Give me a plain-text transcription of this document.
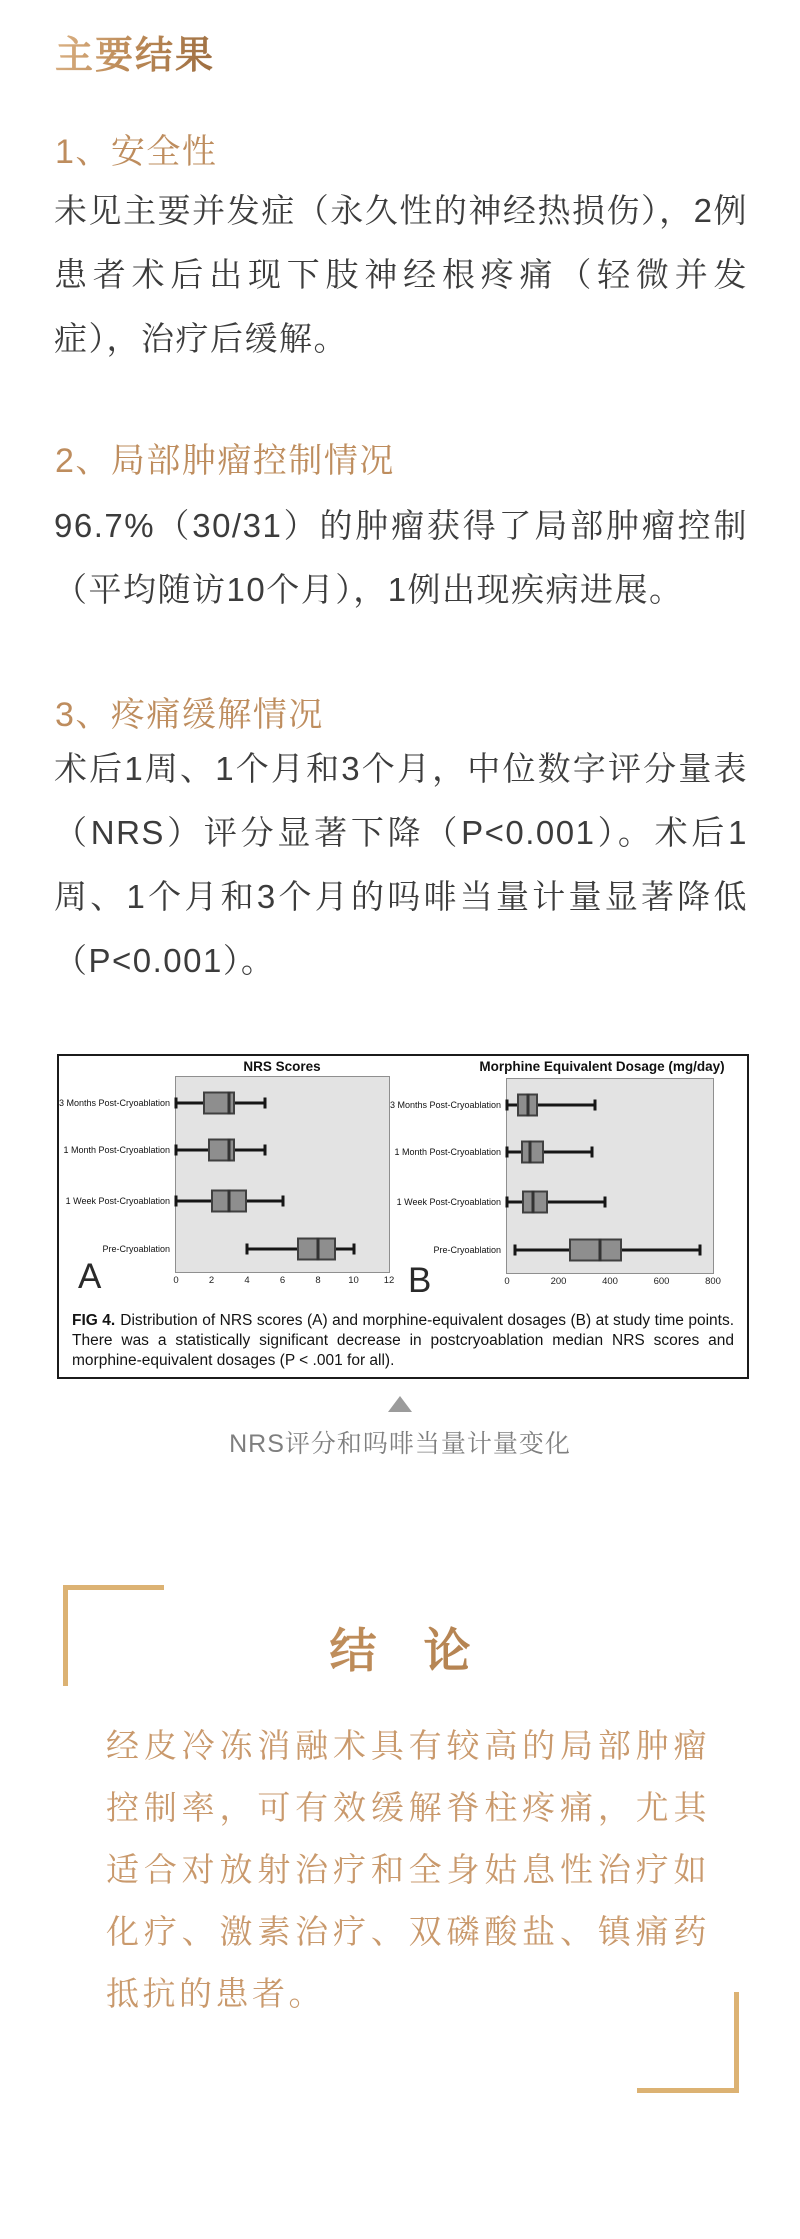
主要结果
1、安全性

未见主要并发症（永久性的神经热损伤），2例患者术后出现下肢神经根疼痛（轻微并发症），治疗后缓解。

2、局部肿瘤控制情况

96.7%（30/31）的肿瘤获得了局部肿瘤控制（平均随访10个月），1例出现疾病进展。

3、疼痛缓解情况

术后1周、1个月和3个月，中位数字评分量表（NRS）评分显著下降（P<0.001）。术后1周、1个月和3个月的吗啡当量计量显著降低（P<0.001）。

NRS Scores
3 Months Post-Cryoablation
1 Month Post-Cryoablation
1 Week Post-Cryoablation
Pre-Cryoablation
0	2	4	6	8	10	12
A
Morphine Equivalent Dosage (mg/day)
3 Months Post-Cryoablation
1 Month Post-Cryoablation
1 Week Post-Cryoablation
Pre-Cryoablation
0	200	400	600	800
B

FIG 4. Distribution of NRS scores (A) and morphine-equivalent dosages (B) at study time points. There was a statistically significant decrease in postcryoablation median NRS scores and morphine-equivalent dosages (P < .001 for all).

NRS评分和吗啡当量计量变化

结　论

经皮冷冻消融术具有较高的局部肿瘤控制率，可有效缓解脊柱疼痛，尤其适合对放射治疗和全身姑息性治疗如化疗、激素治疗、双磷酸盐、镇痛药抵抗的患者。
